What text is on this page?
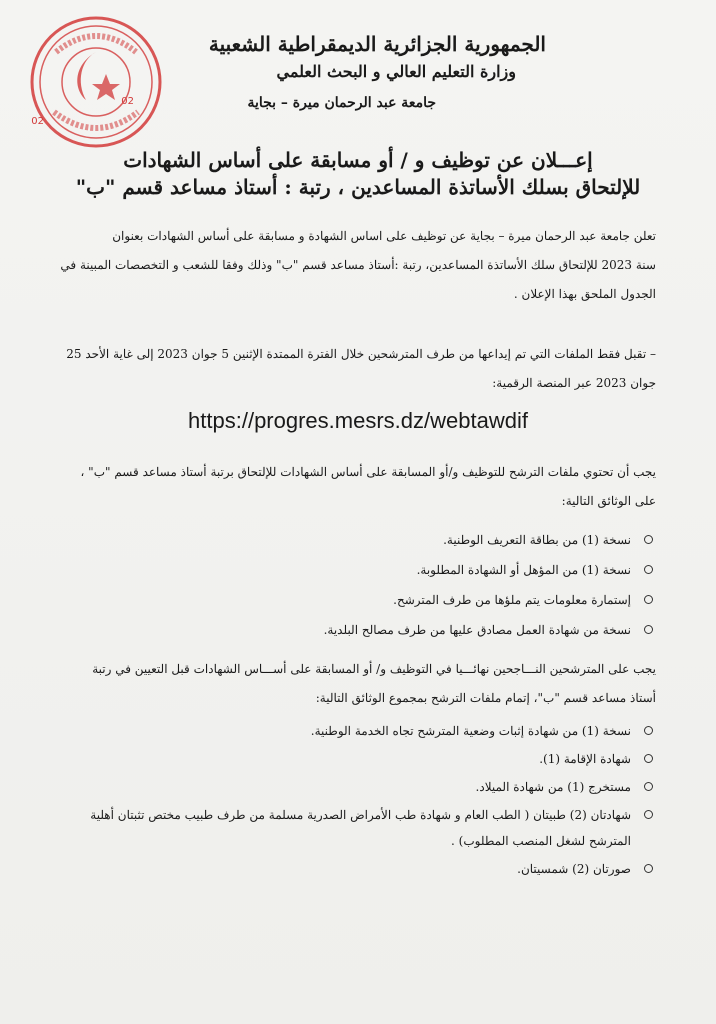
02
02
الجمهورية الجزائرية الديمقراطية الشعبية
وزارة التعليم العالي و البحث العلمي
جامعة عبد الرحمان ميرة – بجاية
إعـــلان عن توظيف و / أو مسابقة على أساس الشهادات
للإلتحاق بسلك الأساتذة المساعدين ، رتبة : أستاذ مساعد قسم "ب"

تعلن جامعة عبد الرحمان ميرة – بجاية عن توظيف على اساس الشهادة و مسابقة على أساس الشهادات بعنوان

سنة 2023 للإلتحاق سلك الأساتذة المساعدين، رتبة :أستاذ مساعد قسم "ب" وذلك وفقا للشعب و التخصصات المبينة في

الجدول الملحق بهذا الإعلان .

– تقبل فقط الملفات التي تم إيداعها من طرف المترشحين خلال الفترة الممتدة الإثنين 5 جوان 2023 إلى غاية الأحد 25

جوان 2023 عبر المنصة الرقمية:

https://progres.mesrs.dz/webtawdif

يجب أن تحتوي ملفات الترشح للتوظيف و/أو المسابقة على أساس الشهادات للإلتحاق برتبة أستاذ مساعد قسم "ب" ،

على الوثائق التالية:

نسخة (1) من بطاقة التعريف الوطنية.
نسخة (1) من المؤهل أو الشهادة المطلوبة.
إستمارة معلومات يتم ملؤها من طرف المترشح.
نسخة من شهادة العمل مصادق عليها من طرف مصالح البلدية.

يجب على المترشحين النـــاجحين نهائـــيا في التوظيف و/ أو المسابقة على أســـاس الشهادات قبل التعيين في رتبة

أستاذ مساعد قسم "ب"، إتمام ملفات الترشح بمجموع الوثائق التالية:

نسخة (1) من شهادة إثبات وضعية المترشح تجاه الخدمة الوطنية.
شهادة الإقامة (1).
مستخرج (1) من شهادة الميلاد.
شهادتان (2) طبيتان ( الطب العام و شهادة طب الأمراض الصدرية مسلمة من طرف طبيب مختص تثبتان أهلية المترشح لشغل المنصب المطلوب) .
صورتان (2) شمسيتان.
